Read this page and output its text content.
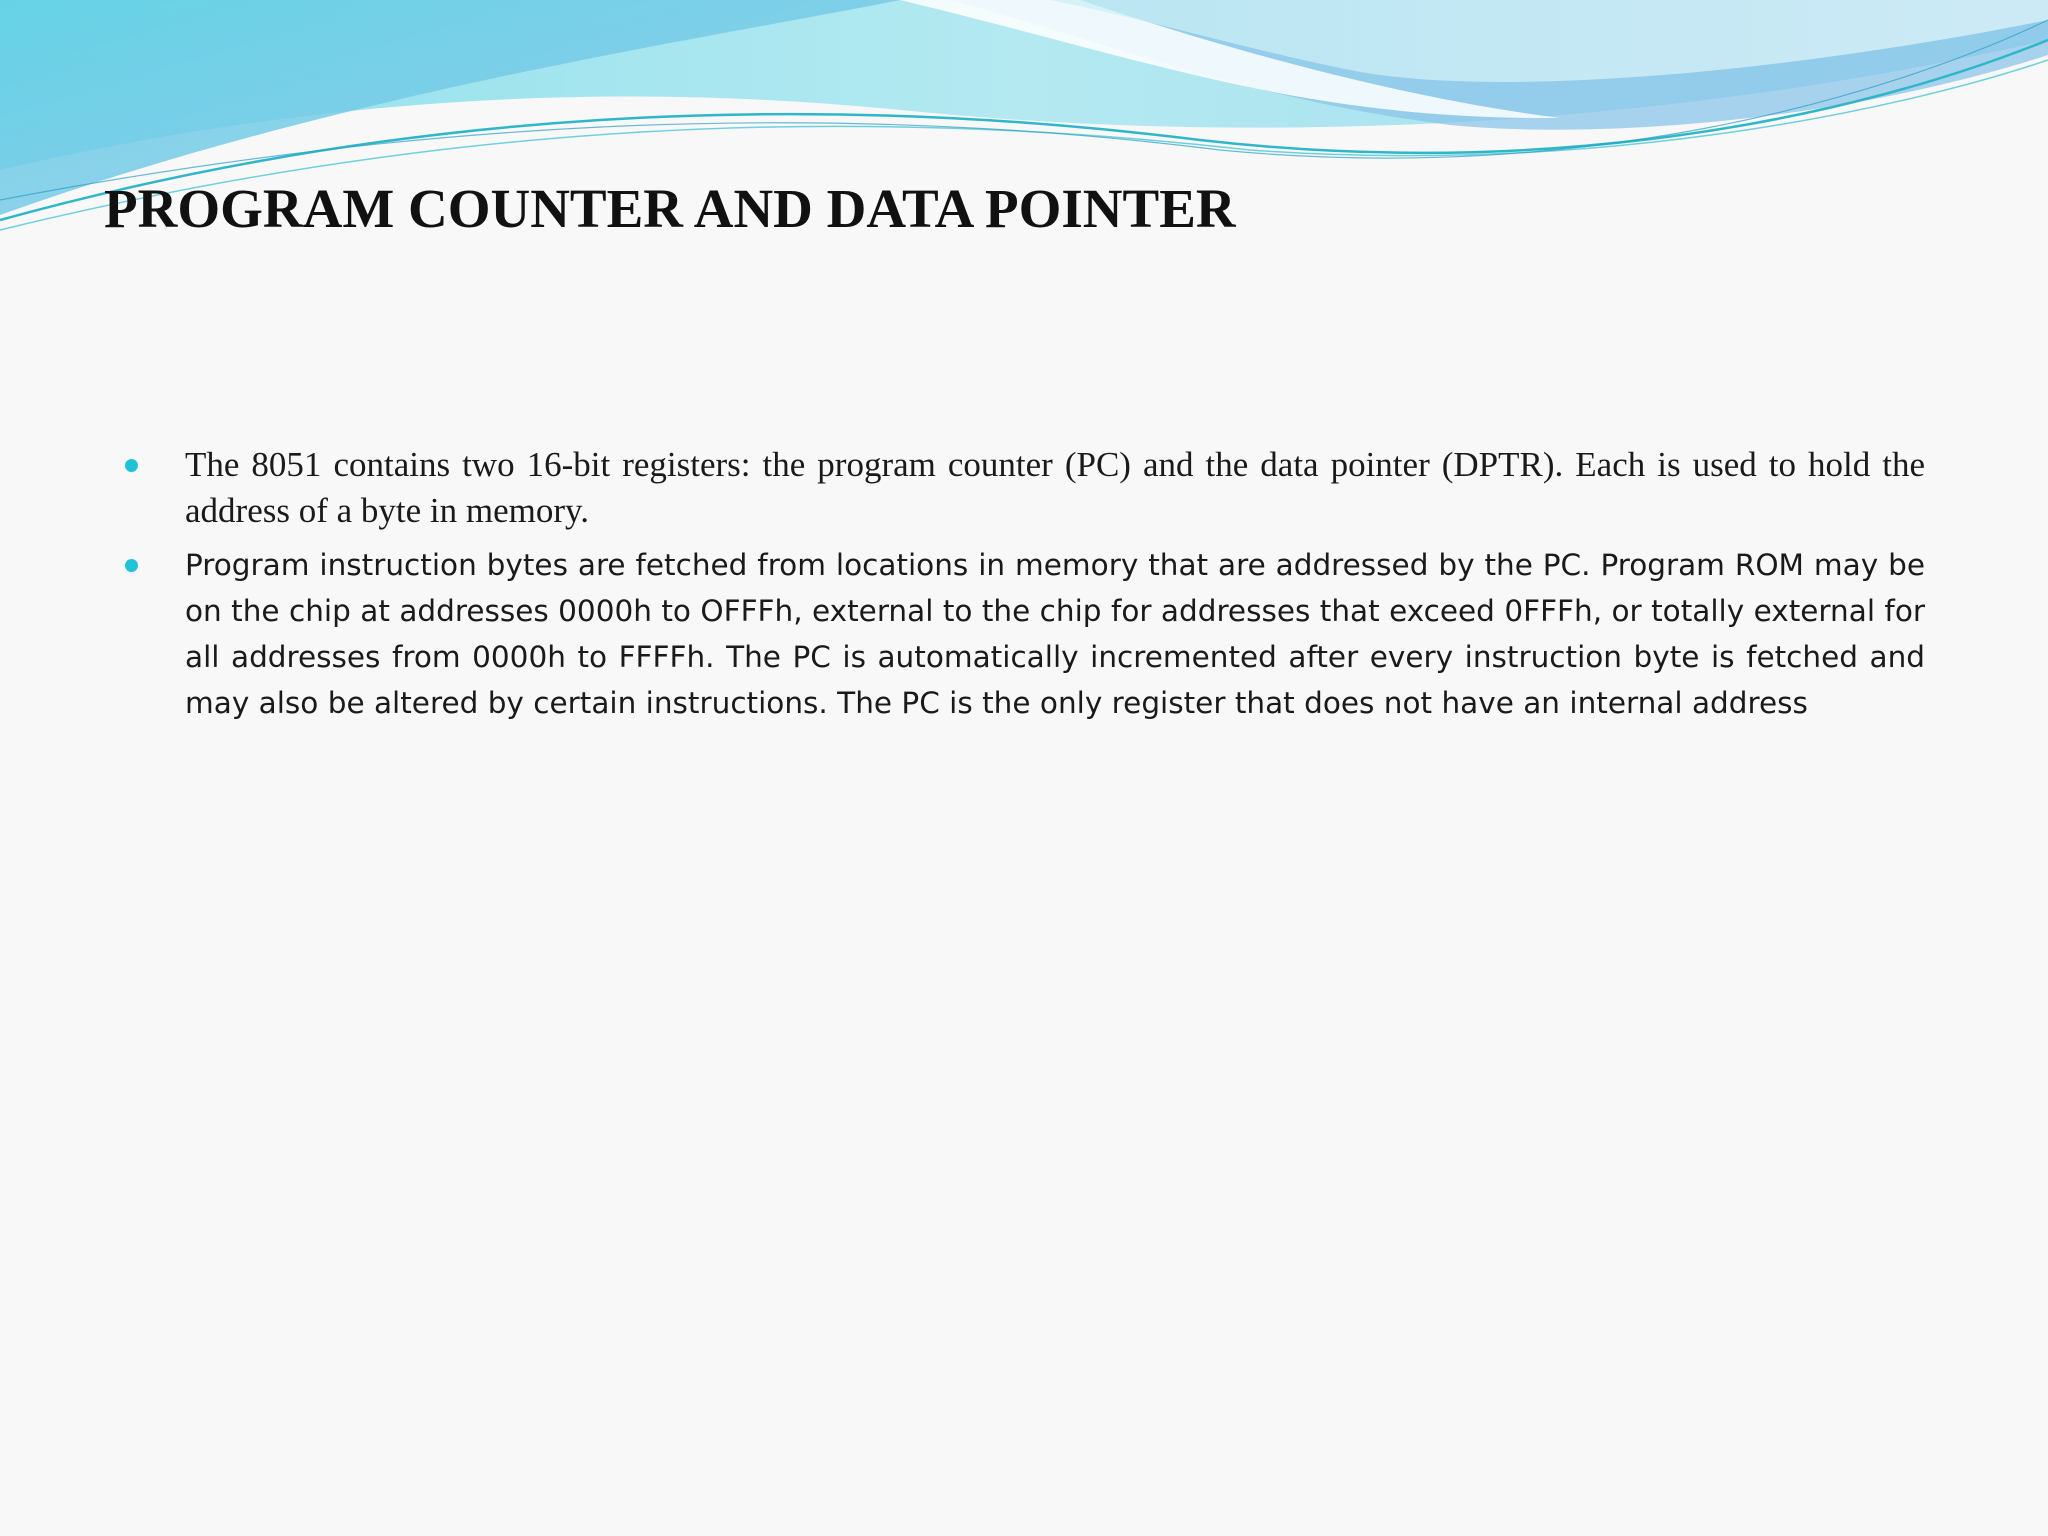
PROGRAM COUNTER AND DATA POINTER
The 8051 contains two 16-bit registers: the program counter (PC) and the data pointer (DPTR). Each is used to hold the address of a byte in memory.
Program instruction bytes are fetched from locations in memory that are addressed by the PC. Program ROM may be on the chip at addresses 0000h to OFFFh, external to the chip for addresses that exceed 0FFFh, or totally external for all addresses from 0000h to FFFFh. The PC is automatically incremented after every instruction byte is fetched and may also be altered by certain instructions. The PC is the only register that does not have an internal address
